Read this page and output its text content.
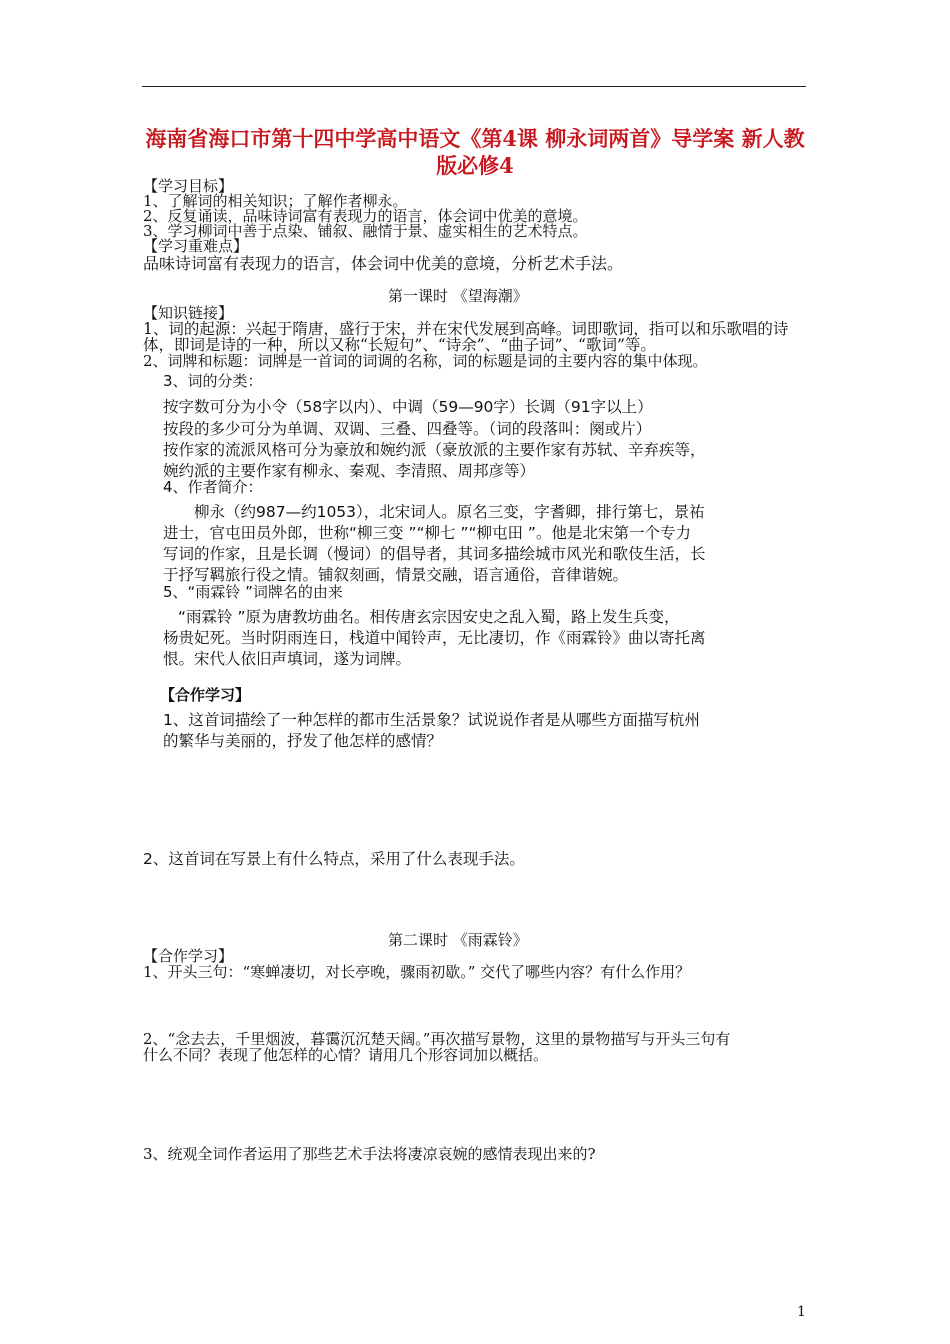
海南省海口市第十四中学高中语文《第4课 柳永词两首》导学案 新人教版必修4
【学习目标】
1、了解词的相关知识；了解作者柳永。
2、反复诵读，品味诗词富有表现力的语言，体会词中优美的意境。
3、学习柳词中善于点染、铺叙、融情于景、虚实相生的艺术特点。
【学习重难点】
品味诗词富有表现力的语言，体会词中优美的意境，分析艺术手法。
第一课时 《望海潮》
【知识链接】
1、词的起源：兴起于隋唐，盛行于宋，并在宋代发展到高峰。词即歌词，指可以和乐歌唱的诗
体，即词是诗的一种，所以又称“长短句”、“诗余”、“曲子词”、“歌词”等。
2、词牌和标题：词牌是一首词的词调的名称，词的标题是词的主要内容的集中体现。
3、词的分类：
按字数可分为小令（58字以内）、中调（59—90字）长调（91字以上）
按段的多少可分为单调、双调、三叠、四叠等。（词的段落叫：阕或片）
按作家的流派风格可分为豪放和婉约派（豪放派的主要作家有苏轼、辛弃疾等，
婉约派的主要作家有柳永、秦观、李清照、周邦彦等）
4、作者简介：
柳永（约987—约1053），北宋词人。原名三变，字耆卿，排行第七，景祐
进士，官屯田员外郎，世称“柳三变 ”“柳七 ”“柳屯田 ”。他是北宋第一个专力
写词的作家，且是长调（慢词）的倡导者，其词多描绘城市风光和歌伎生活，长
于抒写羁旅行役之情。铺叙刻画，情景交融，语言通俗，音律谐婉。
5、“雨霖铃 ”词牌名的由来
“雨霖铃 ”原为唐教坊曲名。相传唐玄宗因安史之乱入蜀，路上发生兵变，
杨贵妃死。当时阴雨连日，栈道中闻铃声，无比凄切，作《雨霖铃》曲以寄托离
恨。宋代人依旧声填词，遂为词牌。
【合作学习】
1、这首词描绘了一种怎样的都市生活景象？试说说作者是从哪些方面描写杭州
的繁华与美丽的，抒发了他怎样的感情？
2、这首词在写景上有什么特点，采用了什么表现手法。
第二课时 《雨霖铃》
【合作学习】
1、开头三句：“寒蝉凄切，对长亭晚，骤雨初歇。” 交代了哪些内容？有什么作用？
2、“念去去，千里烟波，暮霭沉沉楚天阔。”再次描写景物，这里的景物描写与开头三句有
什么不同？表现了他怎样的心情？请用几个形容词加以概括。
3、统观全词作者运用了那些艺术手法将凄凉哀婉的感情表现出来的?
1
